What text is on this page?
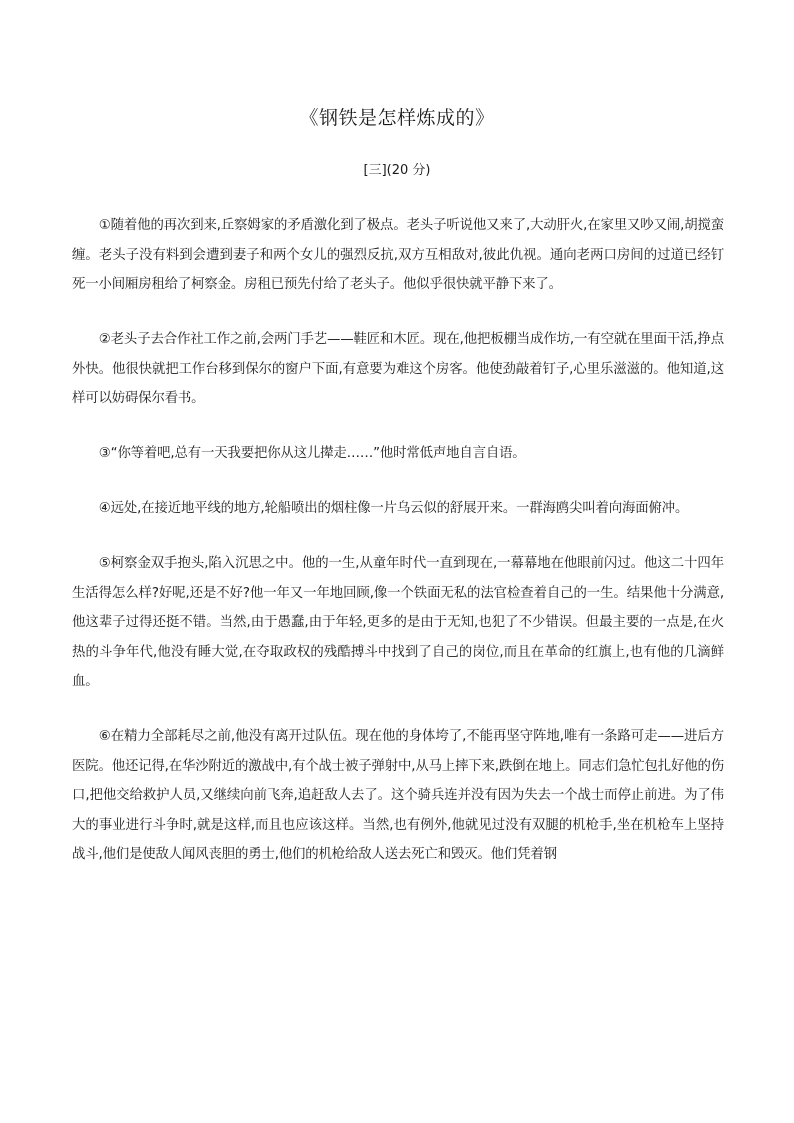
《钢铁是怎样炼成的》
[三](20 分)

①随着他的再次到来,丘察姆家的矛盾激化到了极点。老头子听说他又来了,大动肝火,在家里又吵又闹,胡搅蛮缠。老头子没有料到会遭到妻子和两个女儿的强烈反抗,双方互相敌对,彼此仇视。通向老两口房间的过道已经钉死一小间厢房租给了柯察金。房租已预先付给了老头子。他似乎很快就平静下来了。

②老头子去合作社工作之前,会两门手艺——鞋匠和木匠。现在,他把板棚当成作坊,一有空就在里面干活,挣点外快。他很快就把工作台移到保尔的窗户下面,有意要为难这个房客。他使劲敲着钉子,心里乐滋滋的。他知道,这样可以妨碍保尔看书。

③“你等着吧,总有一天我要把你从这儿撵走……”他时常低声地自言自语。

④远处,在接近地平线的地方,轮船喷出的烟柱像一片乌云似的舒展开来。一群海鸥尖叫着向海面俯冲。

⑤柯察金双手抱头,陷入沉思之中。他的一生,从童年时代一直到现在,一幕幕地在他眼前闪过。他这二十四年生活得怎么样?好呢,还是不好?他一年又一年地回顾,像一个铁面无私的法官检查着自己的一生。结果他十分满意,他这辈子过得还挺不错。当然,由于愚蠢,由于年轻,更多的是由于无知,也犯了不少错误。但最主要的一点是,在火热的斗争年代,他没有睡大觉,在夺取政权的残酷搏斗中找到了自己的岗位,而且在革命的红旗上,也有他的几滴鲜血。

⑥在精力全部耗尽之前,他没有离开过队伍。现在他的身体垮了,不能再坚守阵地,唯有一条路可走——进后方医院。他还记得,在华沙附近的激战中,有个战士被子弹射中,从马上摔下来,跌倒在地上。同志们急忙包扎好他的伤口,把他交给救护人员,又继续向前飞奔,追赶敌人去了。这个骑兵连并没有因为失去一个战士而停止前进。为了伟大的事业进行斗争时,就是这样,而且也应该这样。当然,也有例外,他就见过没有双腿的机枪手,坐在机枪车上坚持战斗,他们是使敌人闻风丧胆的勇士,他们的机枪给敌人送去死亡和毁灭。他们凭着钢
